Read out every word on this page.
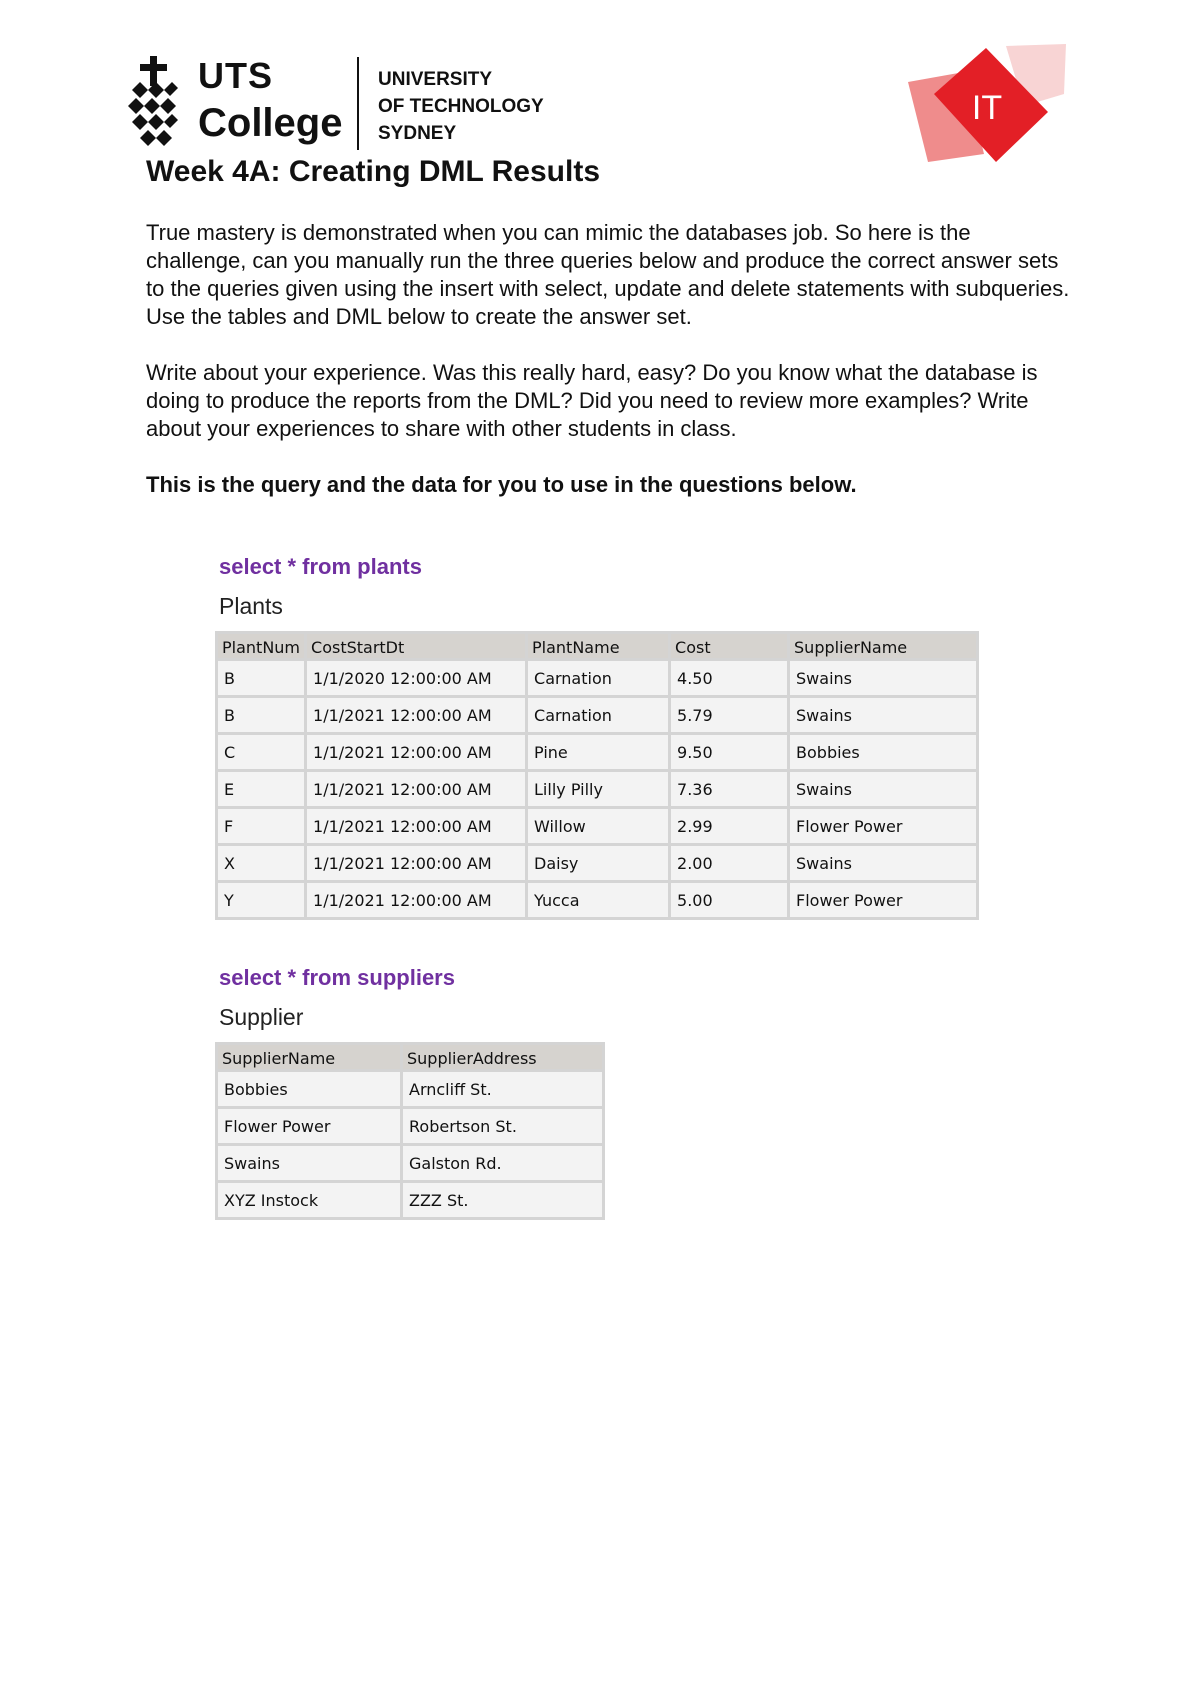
UTS
College
UNIVERSITY
OF TECHNOLOGY
SYDNEY
IT
Week 4A: Creating DML Results

True mastery is demonstrated when you can mimic the databases job. So here is the challenge, can you manually run the three queries below and produce the correct answer sets to the queries given using the insert with select, update and delete statements with subqueries. Use the tables and DML below to create the answer set.

Write about your experience. Was this really hard, easy? Do you know what the database is doing to produce the reports from the DML? Did you need to review more examples? Write about your experiences to share with other students in class.

This is the query and the data for you to use in the questions below.

select * from plants

Plants

PlantNum	CostStartDt	PlantName	Cost	SupplierName
B	1/1/2020 12:00:00 AM	Carnation	4.50	Swains
B	1/1/2021 12:00:00 AM	Carnation	5.79	Swains
C	1/1/2021 12:00:00 AM	Pine	9.50	Bobbies
E	1/1/2021 12:00:00 AM	Lilly Pilly	7.36	Swains
F	1/1/2021 12:00:00 AM	Willow	2.99	Flower Power
X	1/1/2021 12:00:00 AM	Daisy	2.00	Swains
Y	1/1/2021 12:00:00 AM	Yucca	5.00	Flower Power

select * from suppliers

Supplier

SupplierName	SupplierAddress
Bobbies	Arncliff St.
Flower Power	Robertson St.
Swains	Galston Rd.
XYZ Instock	ZZZ St.
